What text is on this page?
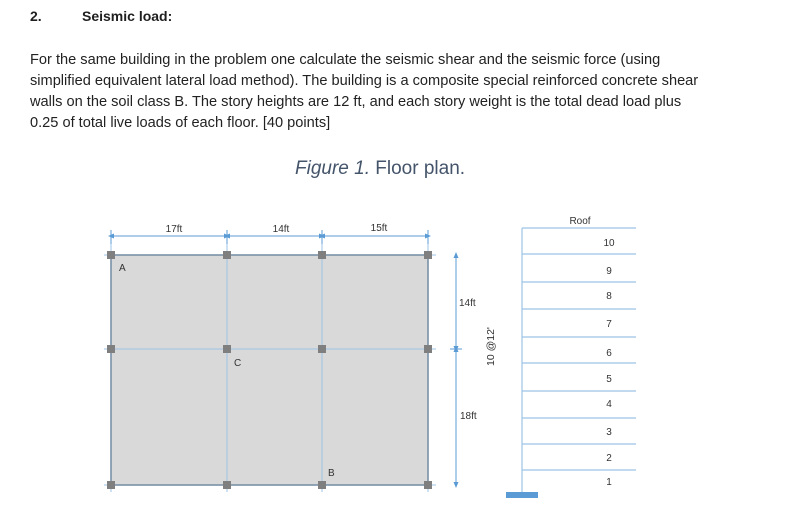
2.	Seismic load:
For the same building in the problem one calculate the seismic shear and the seismic force (using
simplified equivalent lateral load method). The building is a composite special reinforced concrete shear
walls on the soil class B. The story heights are 12 ft, and each story weight is the total dead load plus
0.25 of total live loads of each floor. [40 points]
Figure 1. Floor plan.
17ft	14ft	15ft
A
C
B
14ft
18ft
Roof
10 @12'
10
9
8
7
6
5
4
3
2
1
